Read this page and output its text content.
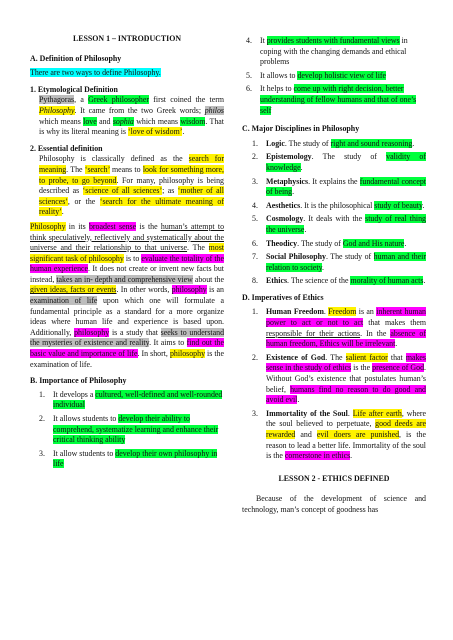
LESSON 1 – INTRODUCTION
A. Definition of Philosophy
There are two ways to define Philosophy.
1. Etymological Definition
Pythagoras, a Greek philosopher first coined the term Philosophy. It came from the two Greek words; philos which means love and sophia which means wisdom. That is why its literal meaning is ‘love of wisdom’.
2. Essential definition
Philosophy is classically defined as the search for meaning. The ‘search’ means to look for something more, to probe, to go beyond. For many, philosophy is being described as ‘science of all sciences’; as ‘mother of all sciences’, or the ‘search for the ultimate meaning of reality’.
Philosophy in its broadest sense is the human’s attempt to think speculatively, reflectively and systematically about the universe and their relationship to that universe. The most significant task of philosophy is to evaluate the totality of the human experience. It does not create or invent new facts but instead, takes an in- depth and comprehensive view about the given ideas, facts or events. In other words, philosophy is an examination of life upon which one will formulate a fundamental principle as a standard for a more organize ideas where human life and experience is based upon. Additionally, philosophy is a study that seeks to understand the mysteries of existence and reality. It aims to find out the basic value and importance of life. In short, philosophy is the examination of life.
B. Importance of Philosophy
1.	It develops a cultured, well-defined and well-rounded individual
2.	It allows students to develop their ability to comprehend, systematize learning and enhance their critical thinking ability
3.	It allow students to develop their own philosophy in life
4.	It provides students with fundamental views in coping with the changing demands and ethical problems
5.	It allows to develop holistic view of life
6.	It helps to come up with right decision, better understanding of fellow humans and that of one’s self
C. Major Disciplines in Philosophy
1.	Logic. The study of right and sound reasoning.
2.	Epistemology. The study of validity of knowledge.
3.	Metaphysics. It explains the fundamental concept of being.
4.	Aesthetics. It is the philosophical study of beauty.
5.	Cosmology. It deals with the study of real thing the universe.
6.	Theodicy. The study of God and His nature.
7.	Social Philosophy. The study of human and their relation to society.
8.	Ethics. The science of the morality of human acts.
D. Imperatives of Ethics
1.	Human Freedom. Freedom is an inherent human power to act or not to act that makes them responsible for their actions. In the absence of human freedom, Ethics will be irrelevant.
2.	Existence of God. The salient factor that makes sense in the study of ethics is the presence of God. Without God’s existence that postulates human’s belief, humans find no reason to do good and avoid evil.
3.	Immortality of the Soul. Life after earth, where the soul believed to perpetuate, good deeds are rewarded and evil doers are punished, is the reason to lead a better life. Immortality of the soul is the cornerstone in ethics.
LESSON 2 - ETHICS DEFINED
Because of the development of science and technology, man’s concept of goodness has
